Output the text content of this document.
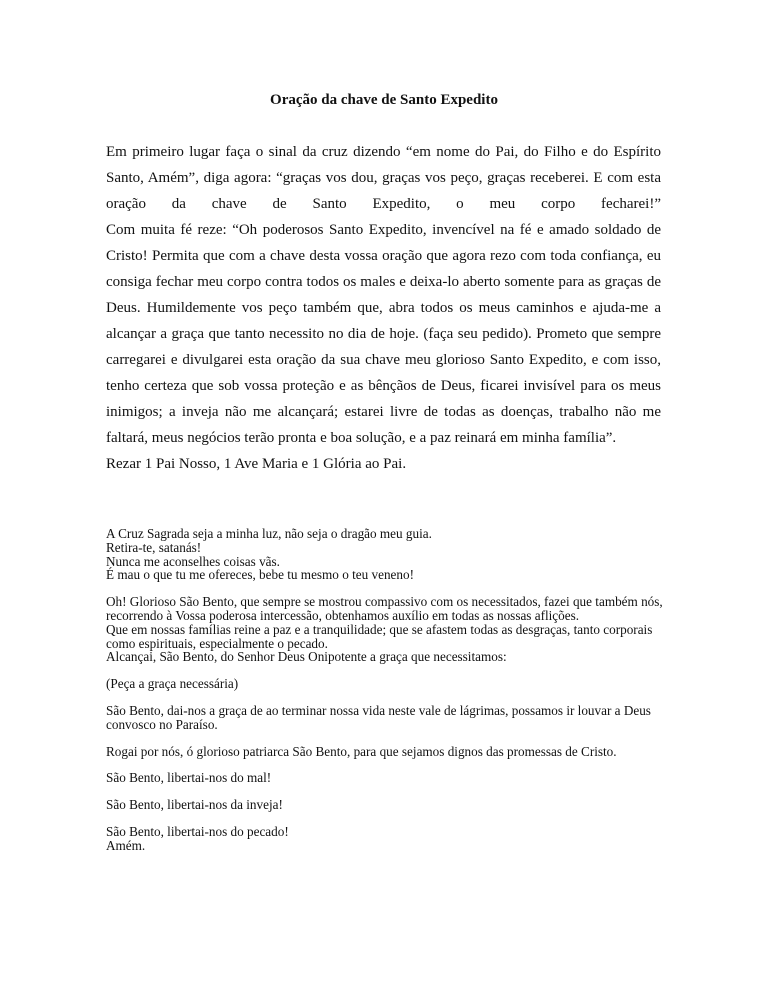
Oração da chave de Santo Expedito

Em primeiro lugar faça o sinal da cruz dizendo “em nome do Pai, do Filho e do Espírito Santo, Amém”, diga agora: “graças vos dou, graças vos peço, graças receberei. E com esta oração da chave de Santo Expedito, o meu corpo fecharei!”

Com muita fé reze: “Oh poderosos Santo Expedito, invencível na fé e amado soldado de Cristo! Permita que com a chave desta vossa oração que agora rezo com toda confiança, eu consiga fechar meu corpo contra todos os males e deixa-lo aberto somente para as graças de Deus. Humildemente vos peço também que, abra todos os meus caminhos e ajuda-me a alcançar a graça que tanto necessito no dia de hoje. (faça seu pedido). Prometo que sempre carregarei e divulgarei esta oração da sua chave meu glorioso Santo Expedito, e com isso, tenho certeza que sob vossa proteção e as bênçãos de Deus, ficarei invisível para os meus inimigos; a inveja não me alcançará; estarei livre de todas as doenças, trabalho não me faltará, meus negócios terão pronta e boa solução, e a paz reinará em minha família”.

Rezar 1 Pai Nosso, 1 Ave Maria e 1 Glória ao Pai.

A Cruz Sagrada seja a minha luz, não seja o dragão meu guia.

Retira-te, satanás!

Nunca me aconselhes coisas vãs.

É mau o que tu me ofereces, bebe tu mesmo o teu veneno!

Oh! Glorioso São Bento, que sempre se mostrou compassivo com os necessitados, fazei que também nós, recorrendo à Vossa poderosa intercessão, obtenhamos auxílio em todas as nossas aflições.

Que em nossas famílias reine a paz e a tranquilidade; que se afastem todas as desgraças, tanto corporais como espirituais, especialmente o pecado.

Alcançai, São Bento, do Senhor Deus Onipotente a graça que necessitamos:

(Peça a graça necessária)

São Bento, dai-nos a graça de ao terminar nossa vida neste vale de lágrimas, possamos ir louvar a Deus convosco no Paraíso.

Rogai por nós, ó glorioso patriarca São Bento, para que sejamos dignos das promessas de Cristo.

São Bento, libertai-nos do mal!

São Bento, libertai-nos da inveja!

São Bento, libertai-nos do pecado!

Amém.
